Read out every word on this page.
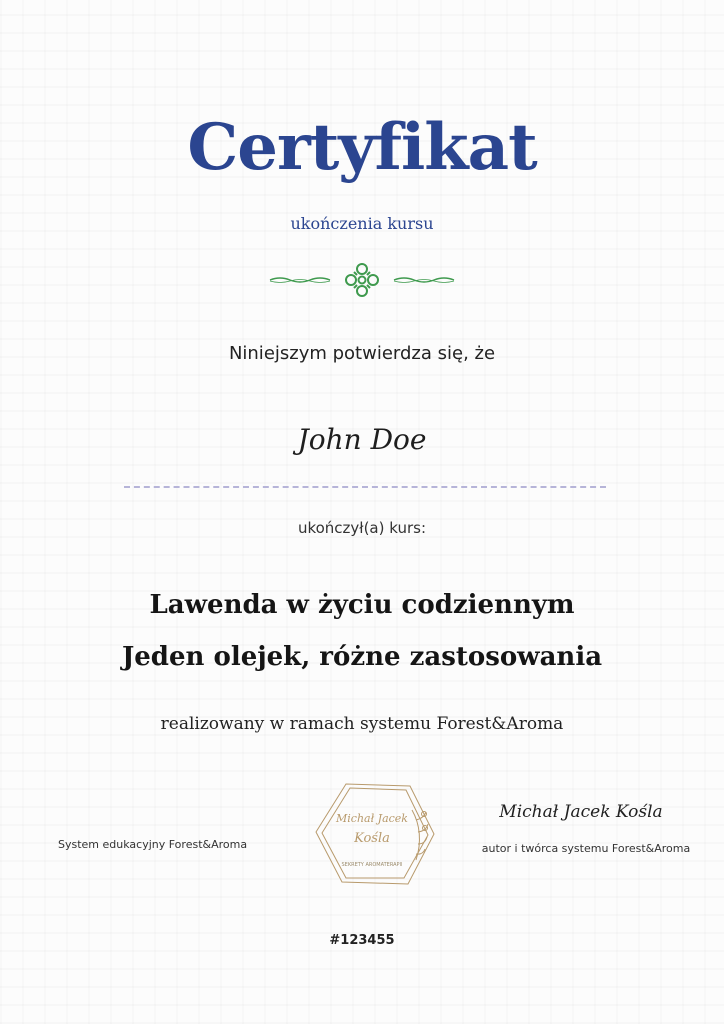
Certyfikat
ukończenia kursu
Niniejszym potwierdza się, że
John Doe
ukończył(a) kurs:
Lawenda w życiu codziennym
Jeden olejek, różne zastosowania
realizowany w ramach systemu Forest&Aroma
System edukacyjny Forest&Aroma
Michał Jacek
Kośla
SEKRETY AROMATERAPII
Michał Jacek Kośla
autor i twórca systemu Forest&Aroma
#123455
